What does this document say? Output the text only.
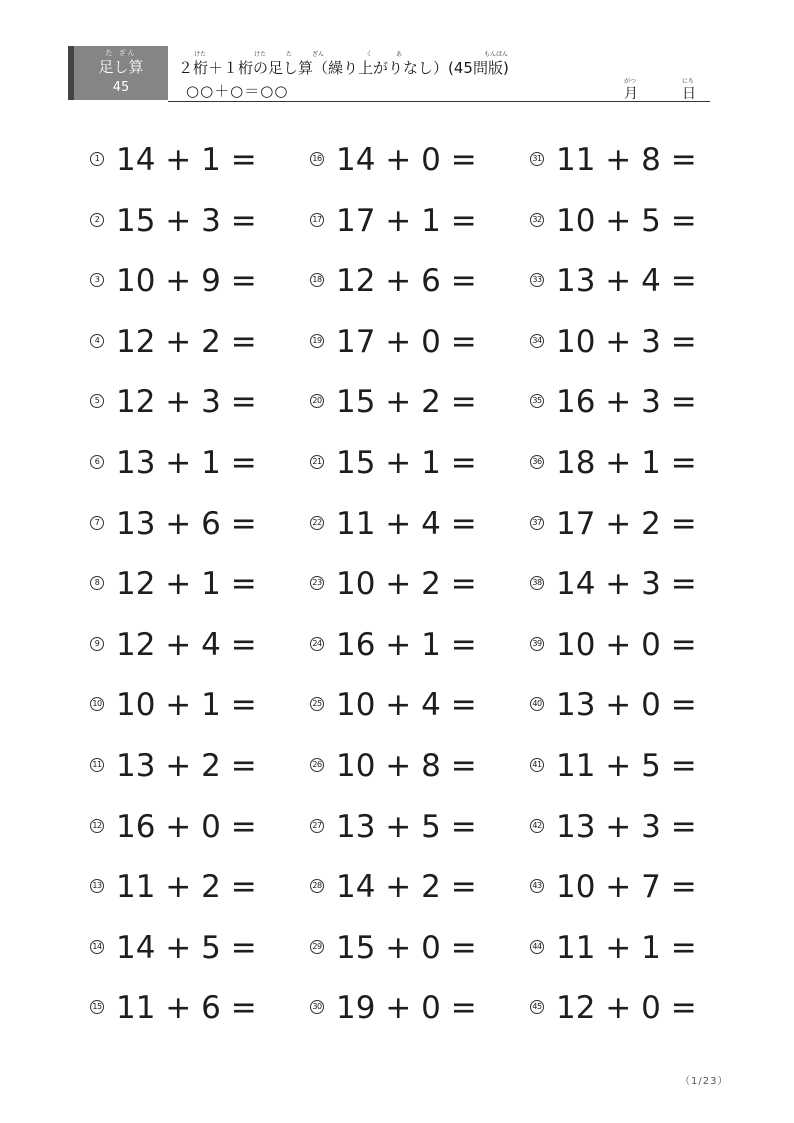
た ざん
足し算
45
けた	けた	た	ざん	く	あ	もんばん
２桁＋１桁の足し算（繰り上がりなし）(45問版)
○○＋○＝○○
がつ
月
にち
日
1 14 + 1 =
2 15 + 3 =
3 10 + 9 =
4 12 + 2 =
5 12 + 3 =
6 13 + 1 =
7 13 + 6 =
8 12 + 1 =
9 12 + 4 =
10 10 + 1 =
11 13 + 2 =
12 16 + 0 =
13 11 + 2 =
14 14 + 5 =
15 11 + 6 =
16 14 + 0 =
17 17 + 1 =
18 12 + 6 =
19 17 + 0 =
20 15 + 2 =
21 15 + 1 =
22 11 + 4 =
23 10 + 2 =
24 16 + 1 =
25 10 + 4 =
26 10 + 8 =
27 13 + 5 =
28 14 + 2 =
29 15 + 0 =
30 19 + 0 =
31 11 + 8 =
32 10 + 5 =
33 13 + 4 =
34 10 + 3 =
35 16 + 3 =
36 18 + 1 =
37 17 + 2 =
38 14 + 3 =
39 10 + 0 =
40 13 + 0 =
41 11 + 5 =
42 13 + 3 =
43 10 + 7 =
44 11 + 1 =
45 12 + 0 =
（1/23）
